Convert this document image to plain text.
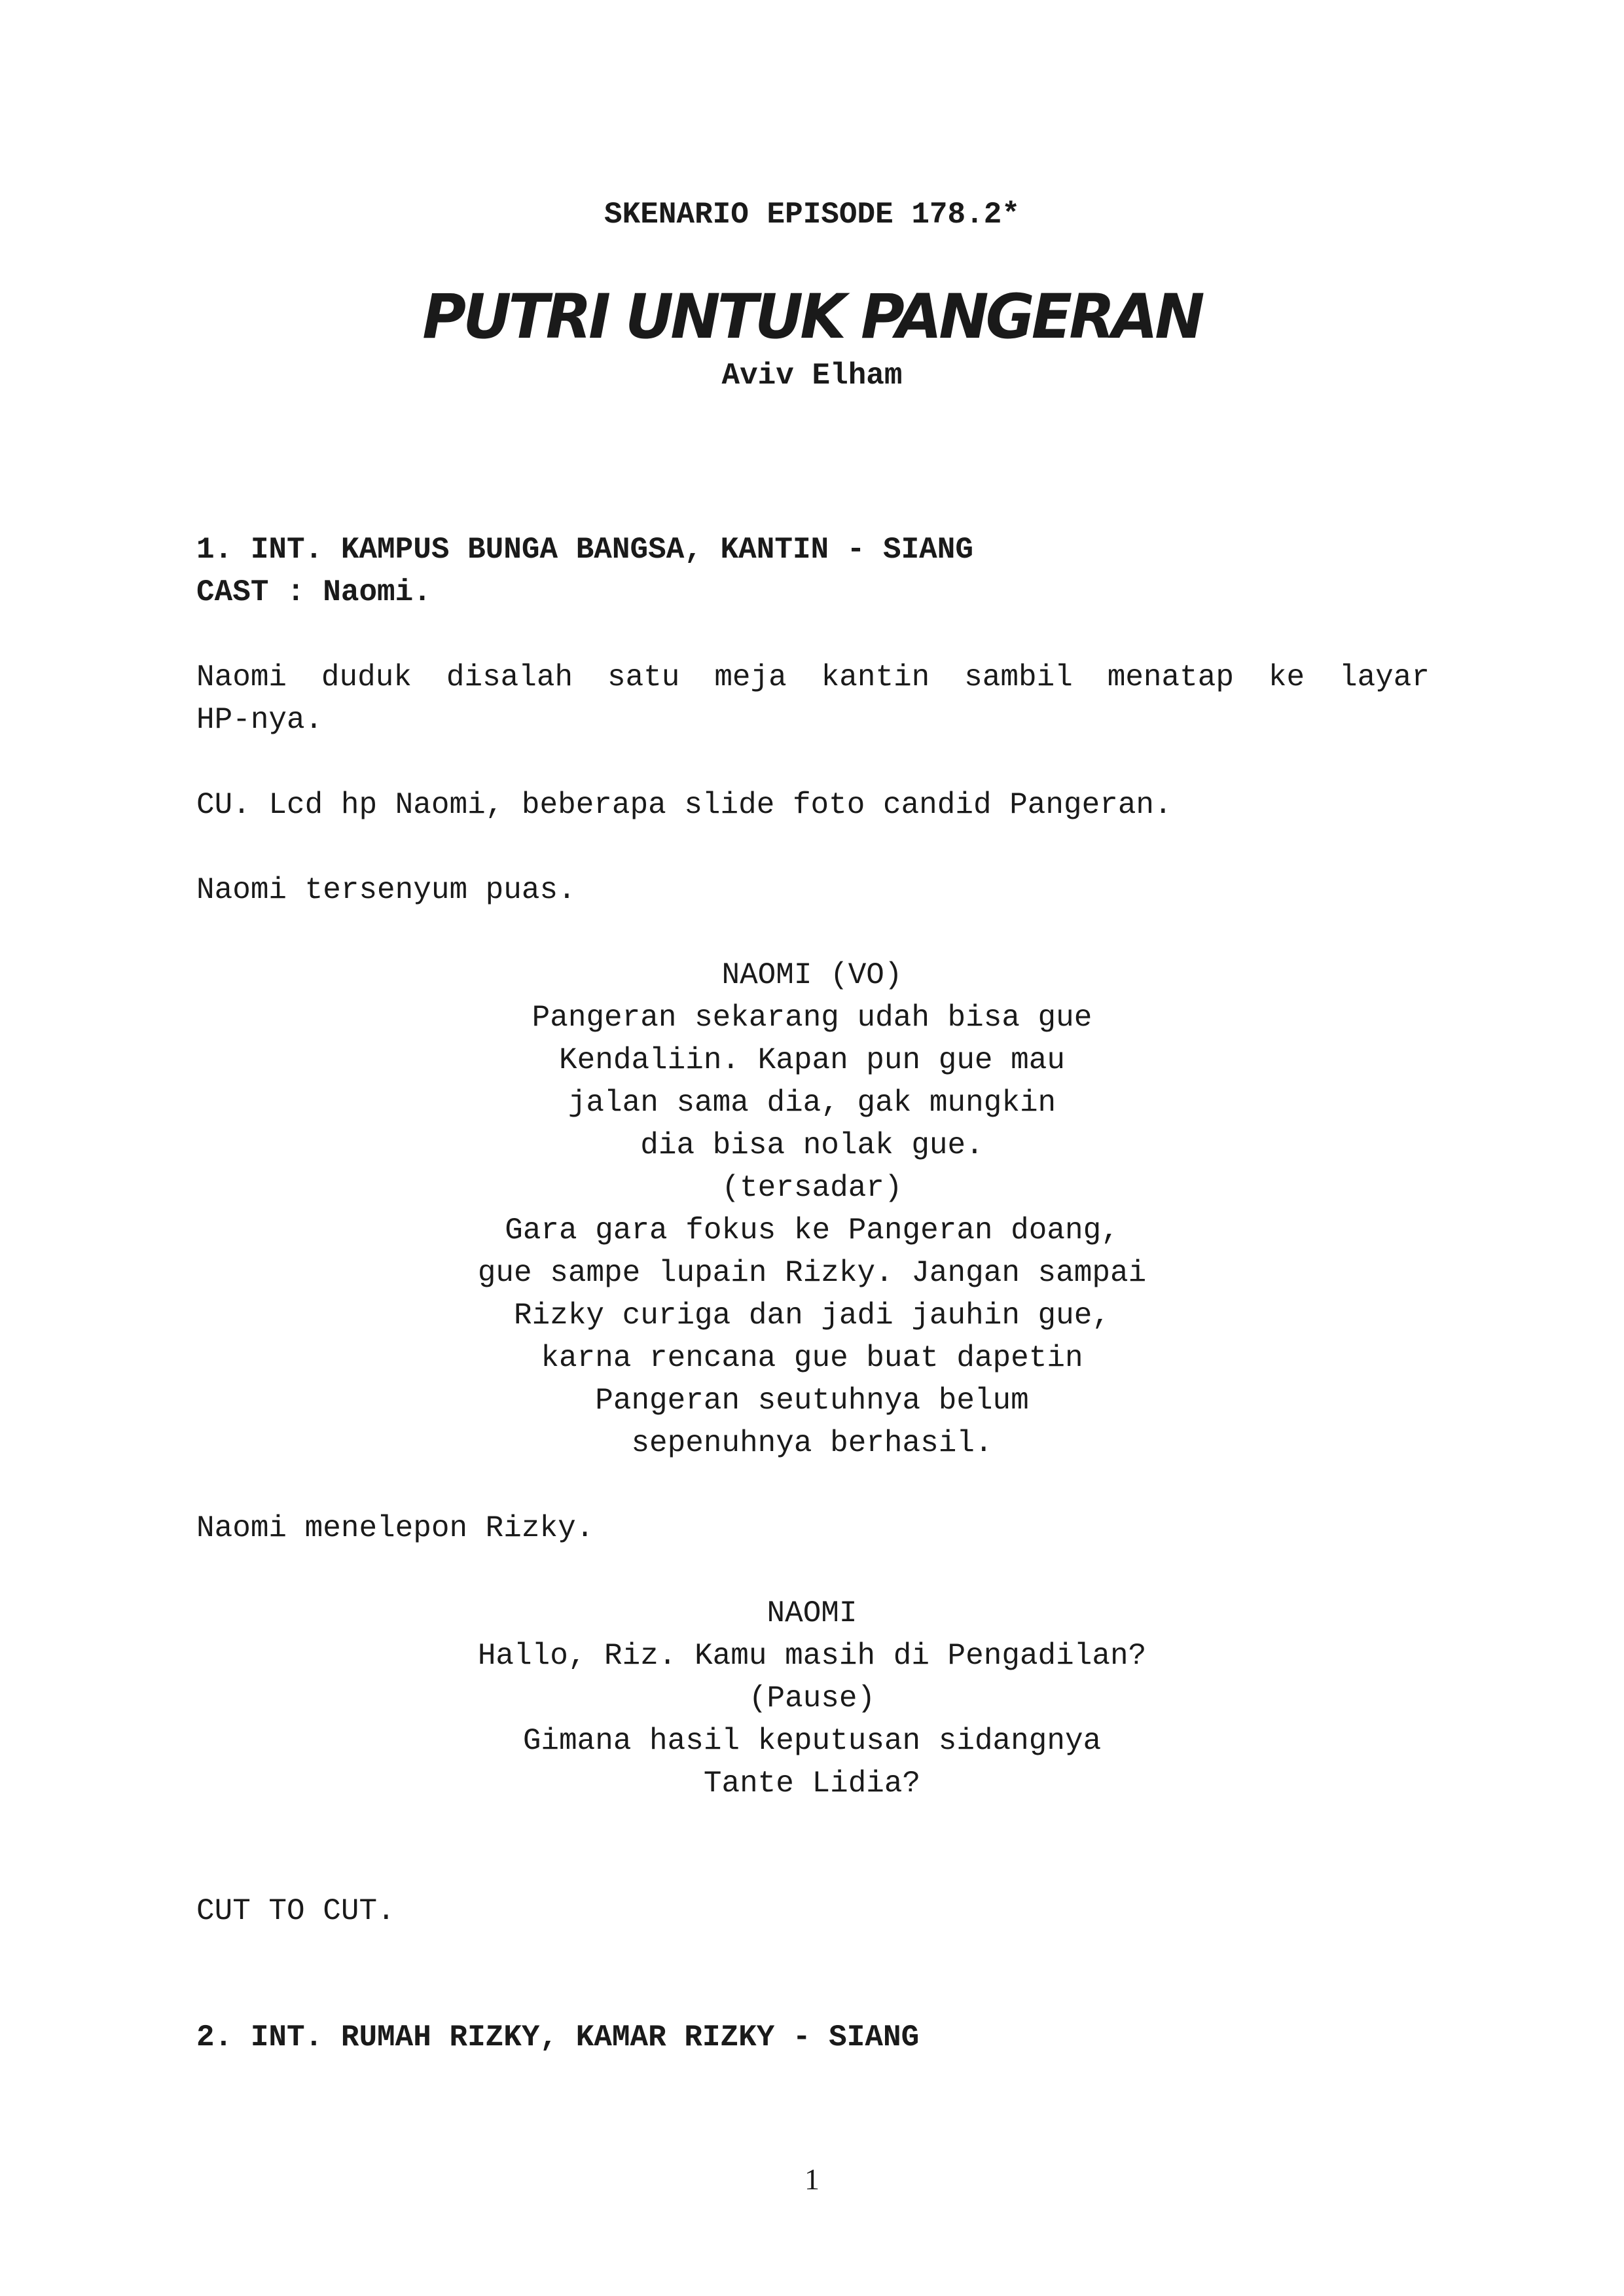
SKENARIO EPISODE 178.2*
PUTRI UNTUK PANGERAN
Aviv Elham
1. INT. KAMPUS BUNGA BANGSA, KANTIN - SIANG
CAST : Naomi.
Naomi duduk disalah satu meja kantin sambil menatap ke layar
HP-nya.
CU. Lcd hp Naomi, beberapa slide foto candid Pangeran.
Naomi tersenyum puas.
NAOMI (VO)
Pangeran sekarang udah bisa gue
Kendaliin. Kapan pun gue mau
jalan sama dia, gak mungkin
dia bisa nolak gue.
(tersadar)
Gara gara fokus ke Pangeran doang,
gue sampe lupain Rizky. Jangan sampai
Rizky curiga dan jadi jauhin gue,
karna rencana gue buat dapetin
Pangeran seutuhnya belum
sepenuhnya berhasil.
Naomi menelepon Rizky.
NAOMI
Hallo, Riz. Kamu masih di Pengadilan?
(Pause)
Gimana hasil keputusan sidangnya
Tante Lidia?
CUT TO CUT.
2. INT. RUMAH RIZKY, KAMAR RIZKY - SIANG
1
